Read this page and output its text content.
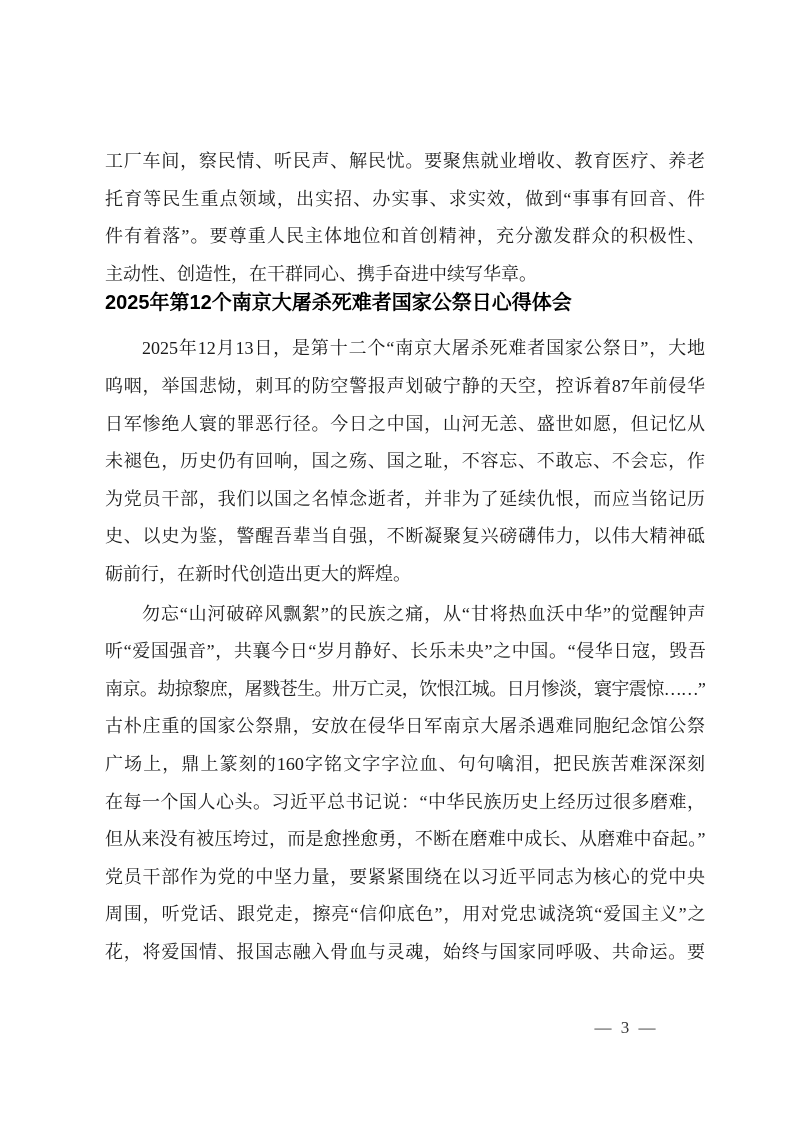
工厂车间，察民情、听民声、解民忧。要聚焦就业增收、教育医疗、养老
托育等民生重点领域，出实招、办实事、求实效，做到“事事有回音、件
件有着落”。要尊重人民主体地位和首创精神，充分激发群众的积极性、
主动性、创造性，在干群同心、携手奋进中续写华章。
2025年第12个南京大屠杀死难者国家公祭日心得体会
2025年12月13日，是第十二个“南京大屠杀死难者国家公祭日”，大地
呜咽，举国悲恸，刺耳的防空警报声划破宁静的天空，控诉着87年前侵华
日军惨绝人寰的罪恶行径。今日之中国，山河无恙、盛世如愿，但记忆从
未褪色，历史仍有回响，国之殇、国之耻，不容忘、不敢忘、不会忘，作
为党员干部，我们以国之名悼念逝者，并非为了延续仇恨，而应当铭记历
史、以史为鉴，警醒吾辈当自强，不断凝聚复兴磅礴伟力，以伟大精神砥
砺前行，在新时代创造出更大的辉煌。
勿忘“山河破碎风飘絮”的民族之痛，从“甘将热血沃中华”的觉醒钟声
听“爱国强音”，共襄今日“岁月静好、长乐未央”之中国。“侵华日寇，毁吾
南京。劫掠黎庶，屠戮苍生。卅万亡灵，饮恨江城。日月惨淡，寰宇震惊……”
古朴庄重的国家公祭鼎，安放在侵华日军南京大屠杀遇难同胞纪念馆公祭
广场上，鼎上篆刻的160字铭文字字泣血、句句噙泪，把民族苦难深深刻
在每一个国人心头。习近平总书记说：“中华民族历史上经历过很多磨难，
但从来没有被压垮过，而是愈挫愈勇，不断在磨难中成长、从磨难中奋起。”
党员干部作为党的中坚力量，要紧紧围绕在以习近平同志为核心的党中央
周围，听党话、跟党走，擦亮“信仰底色”，用对党忠诚浇筑“爱国主义”之
花，将爱国情、报国志融入骨血与灵魂，始终与国家同呼吸、共命运。要
— 3 —
